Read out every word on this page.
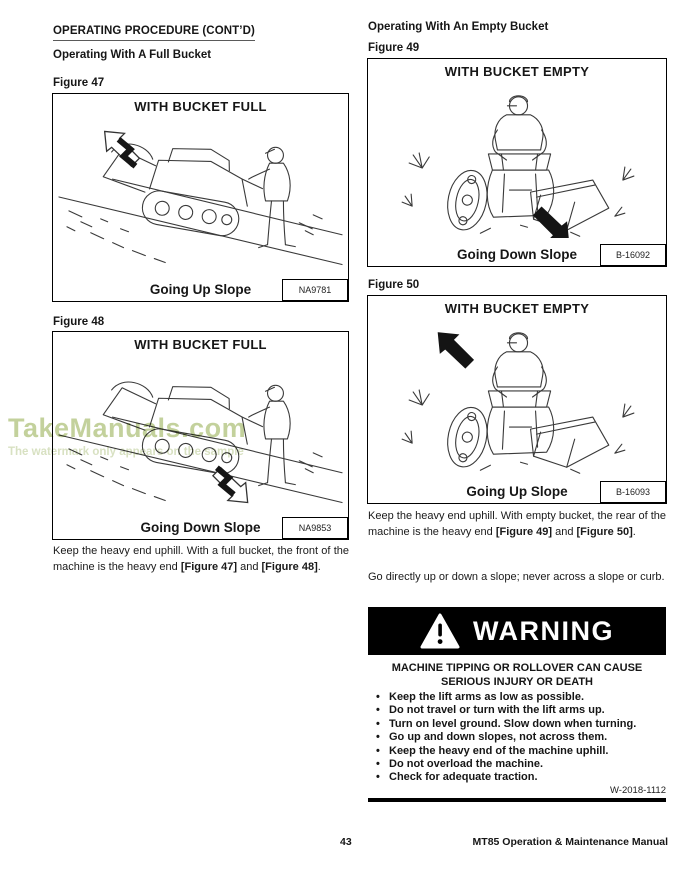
OPERATING PROCEDURE (CONT’D)
Operating With A Full Bucket
Figure 47
WITH BUCKET FULL
Going Up Slope	NA9781
Figure 48
WITH BUCKET FULL
Going Down Slope	NA9853

Keep the heavy end uphill. With a full bucket, the front of the machine is the heavy end [Figure 47] and [Figure 48].

Operating With An Empty Bucket
Figure 49
WITH BUCKET EMPTY
Going Down Slope	B-16092
Figure 50
WITH BUCKET EMPTY
Going Up Slope	B-16093

Keep the heavy end uphill. With empty bucket, the rear of the machine is the heavy end [Figure 49] and [Figure 50].

Go directly up or down a slope; never across a slope or curb.

WARNING
MACHINE TIPPING OR ROLLOVER CAN CAUSE
SERIOUS INJURY OR DEATH
• Keep the lift arms as low as possible.
• Do not travel or turn with the lift arms up.
• Turn on level ground. Slow down when turning.
• Go up and down slopes, not across them.
• Keep the heavy end of the machine uphill.
• Do not overload the machine.
• Check for adequate traction.
W-2018-1112
TakeManuals.com
The watermark only appears on the sample
43	MT85 Operation & Maintenance Manual
